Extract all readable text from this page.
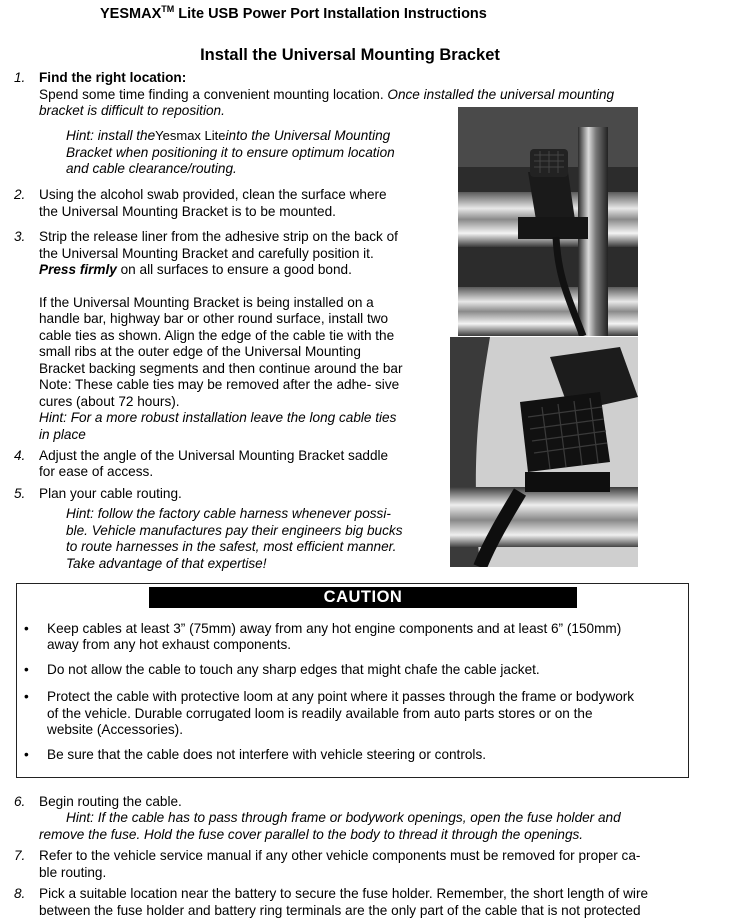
YESMAX™ Lite USB Power Port Installation Instructions
Install the Universal Mounting Bracket
1. Find the right location:
Spend some time finding a convenient mounting location. Once installed the universal mounting
bracket is difficult to reposition.
Hint: install theYesmax Liteinto the Universal Mounting
Bracket when positioning it to ensure optimum location
and cable clearance/routing.
2. Using the alcohol swab provided, clean the surface where
the Universal Mounting Bracket is to be mounted.
3. Strip the release liner from the adhesive strip on the back of
the Universal Mounting Bracket and carefully position it.
Press firmly on all surfaces to ensure a good bond.
If the Universal Mounting Bracket is being installed on a
handle bar, highway bar or other round surface, install two
cable ties as shown. Align the edge of the cable tie with the
small ribs at the outer edge of the Universal Mounting
Bracket backing segments and then continue around the bar
Note: These cable ties may be removed after the adhe- sive
cures (about 72 hours).
Hint: For a more robust installation leave the long cable ties
in place
4. Adjust the angle of the Universal Mounting Bracket saddle
for ease of access.
5. Plan your cable routing.
Hint: follow the factory cable harness whenever possi-
ble. Vehicle manufactures pay their engineers big bucks
to route harnesses in the safest, most efficient manner.
Take advantage of that expertise!
CAUTION
• Keep cables at least 3” (75mm) away from any hot engine components and at least 6” (150mm)
away from any hot exhaust components.
• Do not allow the cable to touch any sharp edges that might chafe the cable jacket.
• Protect the cable with protective loom at any point where it passes through the frame or bodywork
of the vehicle. Durable corrugated loom is readily available from auto parts stores or on the
website (Accessories).
• Be sure that the cable does not interfere with vehicle steering or controls.
6. Begin routing the cable.
Hint: If the cable has to pass through frame or bodywork openings, open the fuse holder and
remove the fuse. Hold the fuse cover parallel to the body to thread it through the openings.
7. Refer to the vehicle service manual if any other vehicle components must be removed for proper ca-
ble routing.
8. Pick a suitable location near the battery to secure the fuse holder. Remember, the short length of wire
between the fuse holder and battery ring terminals are the only part of the cable that is not protected
